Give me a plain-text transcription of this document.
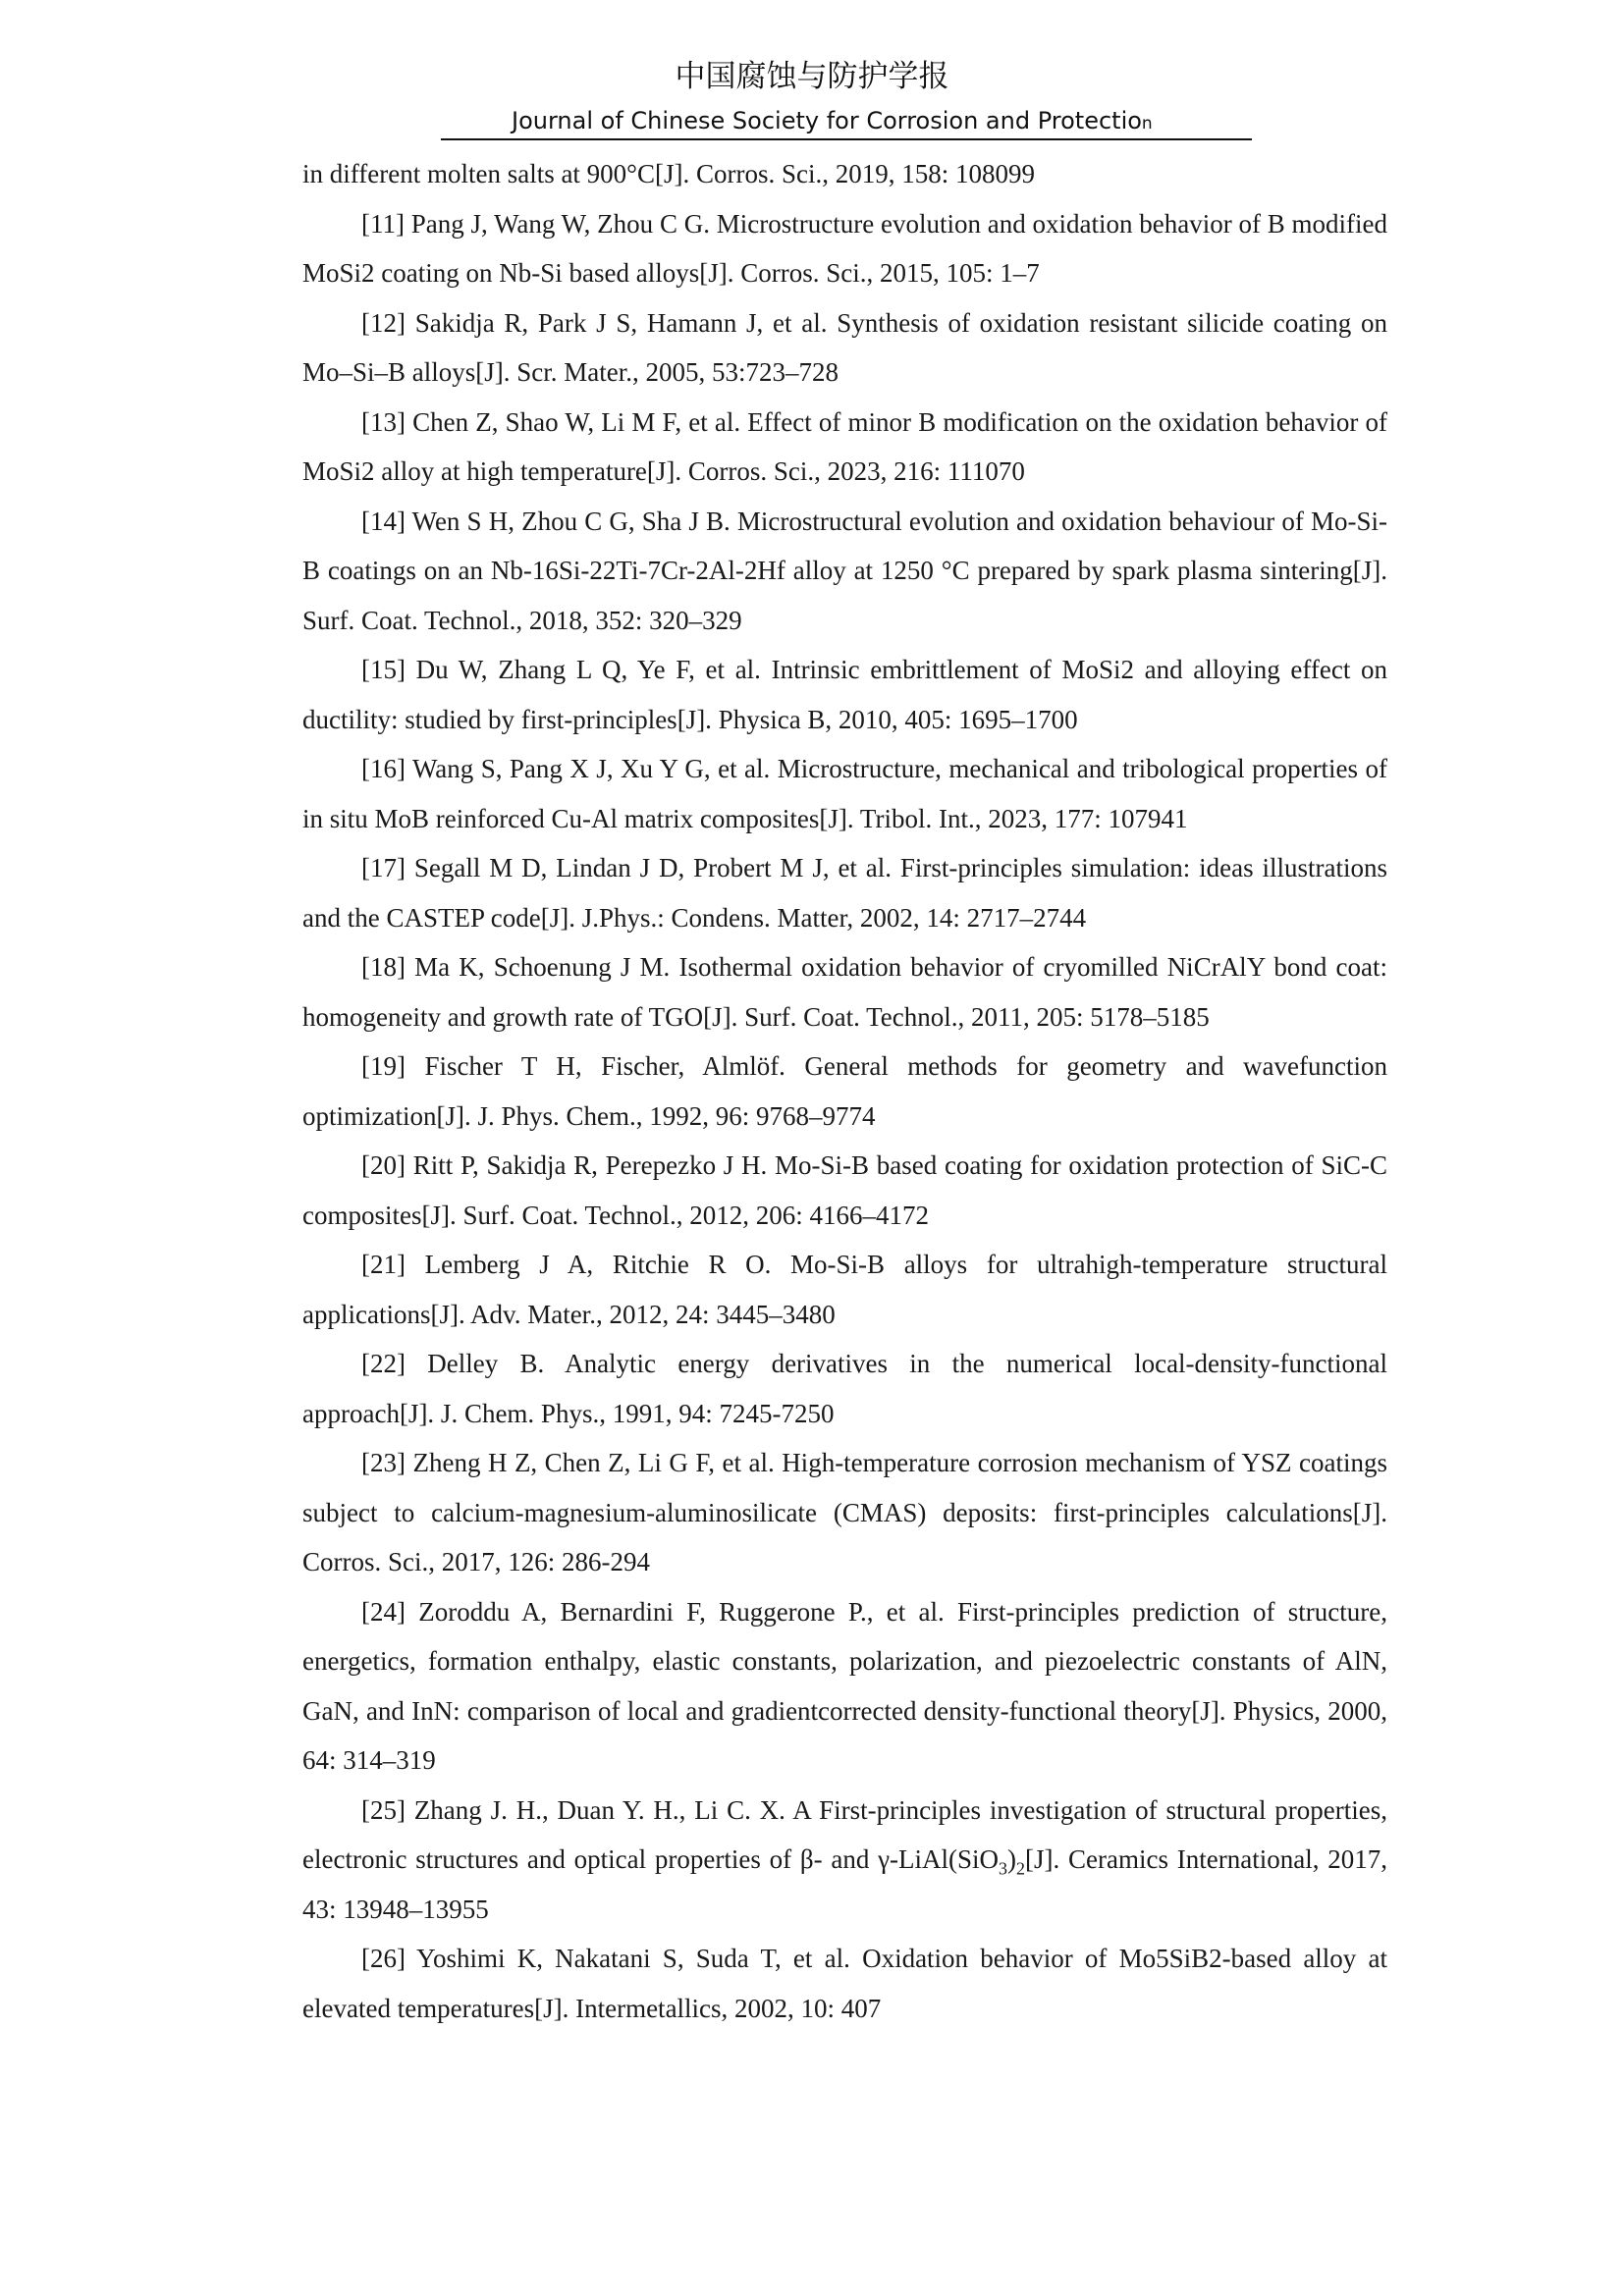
中国腐蚀与防护学报
Journal of Chinese Society for Corrosion and Protection

in different molten salts at 900°C[J]. Corros. Sci., 2019, 158: 108099

[11] Pang J, Wang W, Zhou C G. Microstructure evolution and oxidation behavior of B modified MoSi2 coating on Nb-Si based alloys[J]. Corros. Sci., 2015, 105: 1–7

[12] Sakidja R, Park J S, Hamann J, et al. Synthesis of oxidation resistant silicide coating on Mo–Si–B alloys[J]. Scr. Mater., 2005, 53:723–728

[13] Chen Z, Shao W, Li M F, et al. Effect of minor B modification on the oxidation behavior of MoSi2 alloy at high temperature[J]. Corros. Sci., 2023, 216: 111070

[14] Wen S H, Zhou C G, Sha J B. Microstructural evolution and oxidation behaviour of Mo-Si-B coatings on an Nb-16Si-22Ti-7Cr-2Al-2Hf alloy at 1250 °C prepared by spark plasma sintering[J]. Surf. Coat. Technol., 2018, 352: 320–329

[15] Du W, Zhang L Q, Ye F, et al. Intrinsic embrittlement of MoSi2 and alloying effect on ductility: studied by first-principles[J]. Physica B, 2010, 405: 1695–1700

[16] Wang S, Pang X J, Xu Y G, et al. Microstructure, mechanical and tribological properties of in situ MoB reinforced Cu-Al matrix composites[J]. Tribol. Int., 2023, 177: 107941

[17] Segall M D, Lindan J D, Probert M J, et al. First-principles simulation: ideas illustrations and the CASTEP code[J]. J.Phys.: Condens. Matter, 2002, 14: 2717–2744

[18] Ma K, Schoenung J M. Isothermal oxidation behavior of cryomilled NiCrAlY bond coat: homogeneity and growth rate of TGO[J]. Surf. Coat. Technol., 2011, 205: 5178–5185

[19] Fischer T H, Fischer, Almlöf. General methods for geometry and wavefunction optimization[J]. J. Phys. Chem., 1992, 96: 9768–9774

[20] Ritt P, Sakidja R, Perepezko J H. Mo-Si-B based coating for oxidation protection of SiC‑C composites[J]. Surf. Coat. Technol., 2012, 206: 4166–4172

[21] Lemberg J A, Ritchie R O. Mo-Si-B alloys for ultrahigh-temperature structural applications[J]. Adv. Mater., 2012, 24: 3445–3480

[22] Delley B. Analytic energy derivatives in the numerical local-density-functional approach[J]. J. Chem. Phys., 1991, 94: 7245‑7250

[23] Zheng H Z, Chen Z, Li G F, et al. High-temperature corrosion mechanism of YSZ coatings subject to calcium-magnesium-aluminosilicate (CMAS) deposits: first-principles calculations[J]. Corros. Sci., 2017, 126: 286-294

[24] Zoroddu A, Bernardini F, Ruggerone P., et al. First-principles prediction of structure, energetics, formation enthalpy, elastic constants, polarization, and piezoelectric constants of AlN, GaN, and InN: comparison of local and gradientcorrected density-functional theory[J]. Physics, 2000, 64: 314–319

[25] Zhang J. H., Duan Y. H., Li C. X. A First-principles investigation of structural properties, electronic structures and optical properties of β- and $\gamma-LiAl(SiO_3)_2[J]$. Ceramics International, 2017, 43: 13948–13955

[26] Yoshimi K, Nakatani S, Suda T, et al. Oxidation behavior of Mo5SiB2-based alloy at elevated temperatures[J]. Intermetallics, 2002, 10: 407
